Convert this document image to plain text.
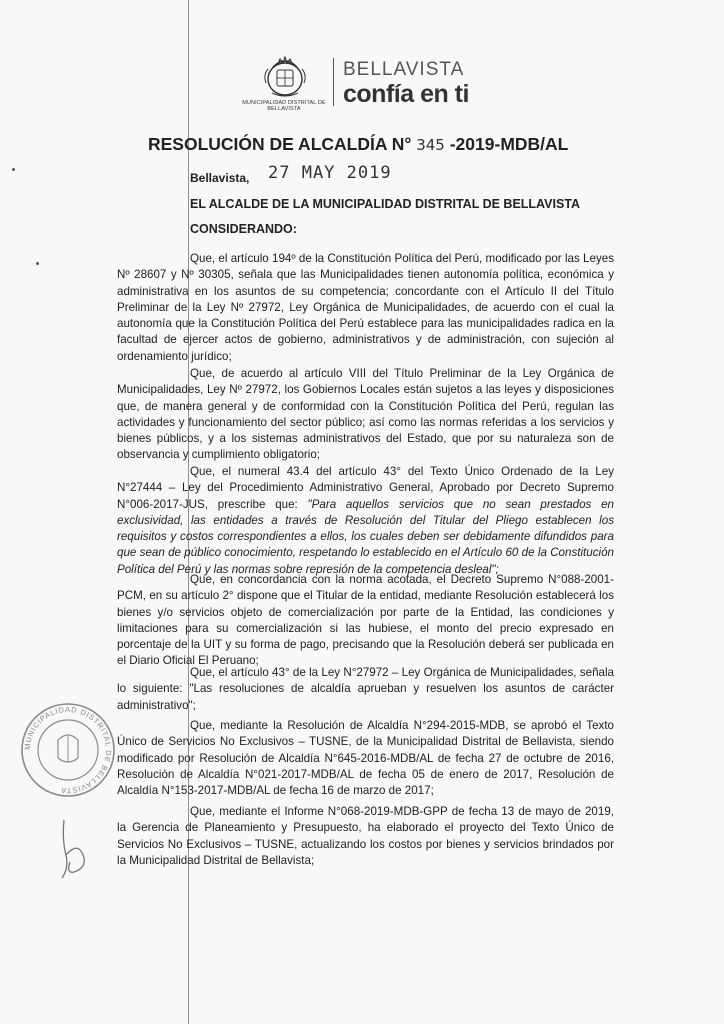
MUNICIPALIDAD DISTRITAL DE BELLAVISTA
BELLAVISTA
confía en ti
RESOLUCIÓN DE ALCALDÍA N° 345 -2019-MDB/AL
Bellavista, 27 MAY 2019
EL ALCALDE DE LA MUNICIPALIDAD DISTRITAL DE BELLAVISTA
CONSIDERANDO:
Que, el artículo 194º de la Constitución Política del Perú, modificado por las Leyes Nº 28607 y Nº 30305, señala que las Municipalidades tienen autonomía política, económica y administrativa en los asuntos de su competencia; concordante con el Artículo II del Título Preliminar de la Ley Nº 27972, Ley Orgánica de Municipalidades, de acuerdo con el cual la autonomía que la Constitución Política del Perú establece para las municipalidades radica en la facultad de ejercer actos de gobierno, administrativos y de administración, con sujeción al ordenamiento jurídico;
Que, de acuerdo al artículo VIII del Título Preliminar de la Ley Orgánica de Municipalidades, Ley Nº 27972, los Gobiernos Locales están sujetos a las leyes y disposiciones que, de manera general y de conformidad con la Constitución Política del Perú, regulan las actividades y funcionamiento del sector público; así como las normas referidas a los servicios y bienes públicos, y a los sistemas administrativos del Estado, que por su naturaleza son de observancia y cumplimiento obligatorio;
Que, el numeral 43.4 del artículo 43° del Texto Único Ordenado de la Ley N°27444 – Ley del Procedimiento Administrativo General, Aprobado por Decreto Supremo N°006-2017-JUS, prescribe que: "Para aquellos servicios que no sean prestados en exclusividad, las entidades a través de Resolución del Titular del Pliego establecen los requisitos y costos correspondientes a ellos, los cuales deben ser debidamente difundidos para que sean de público conocimiento, respetando lo establecido en el Artículo 60 de la Constitución Política del Perú y las normas sobre represión de la competencia desleal";
Que, en concordancia con la norma acotada, el Decreto Supremo N°088-2001-PCM, en su artículo 2° dispone que el Titular de la entidad, mediante Resolución establecerá los bienes y/o servicios objeto de comercialización por parte de la Entidad, las condiciones y limitaciones para su comercialización si las hubiese, el monto del precio expresado en porcentaje de la UIT y su forma de pago, precisando que la Resolución deberá ser publicada en el Diario Oficial El Peruano;
Que, el artículo 43° de la Ley N°27972 – Ley Orgánica de Municipalidades, señala lo siguiente: "Las resoluciones de alcaldía aprueban y resuelven los asuntos de carácter administrativo";
Que, mediante la Resolución de Alcaldía N°294-2015-MDB, se aprobó el Texto Único de Servicios No Exclusivos – TUSNE, de la Municipalidad Distrital de Bellavista, siendo modificado por Resolución de Alcaldía N°645-2016-MDB/AL de fecha 27 de octubre de 2016, Resolución de Alcaldía N°021-2017-MDB/AL de fecha 05 de enero de 2017, Resolución de Alcaldía N°153-2017-MDB/AL de fecha 16 de marzo de 2017;
Que, mediante el Informe N°068-2019-MDB-GPP de fecha 13 de mayo de 2019, la Gerencia de Planeamiento y Presupuesto, ha elaborado el proyecto del Texto Único de Servicios No Exclusivos – TUSNE, actualizando los costos por bienes y servicios brindados por la Municipalidad Distrital de Bellavista;
MUNICIPALIDAD DISTRITAL DE BELLAVISTA
